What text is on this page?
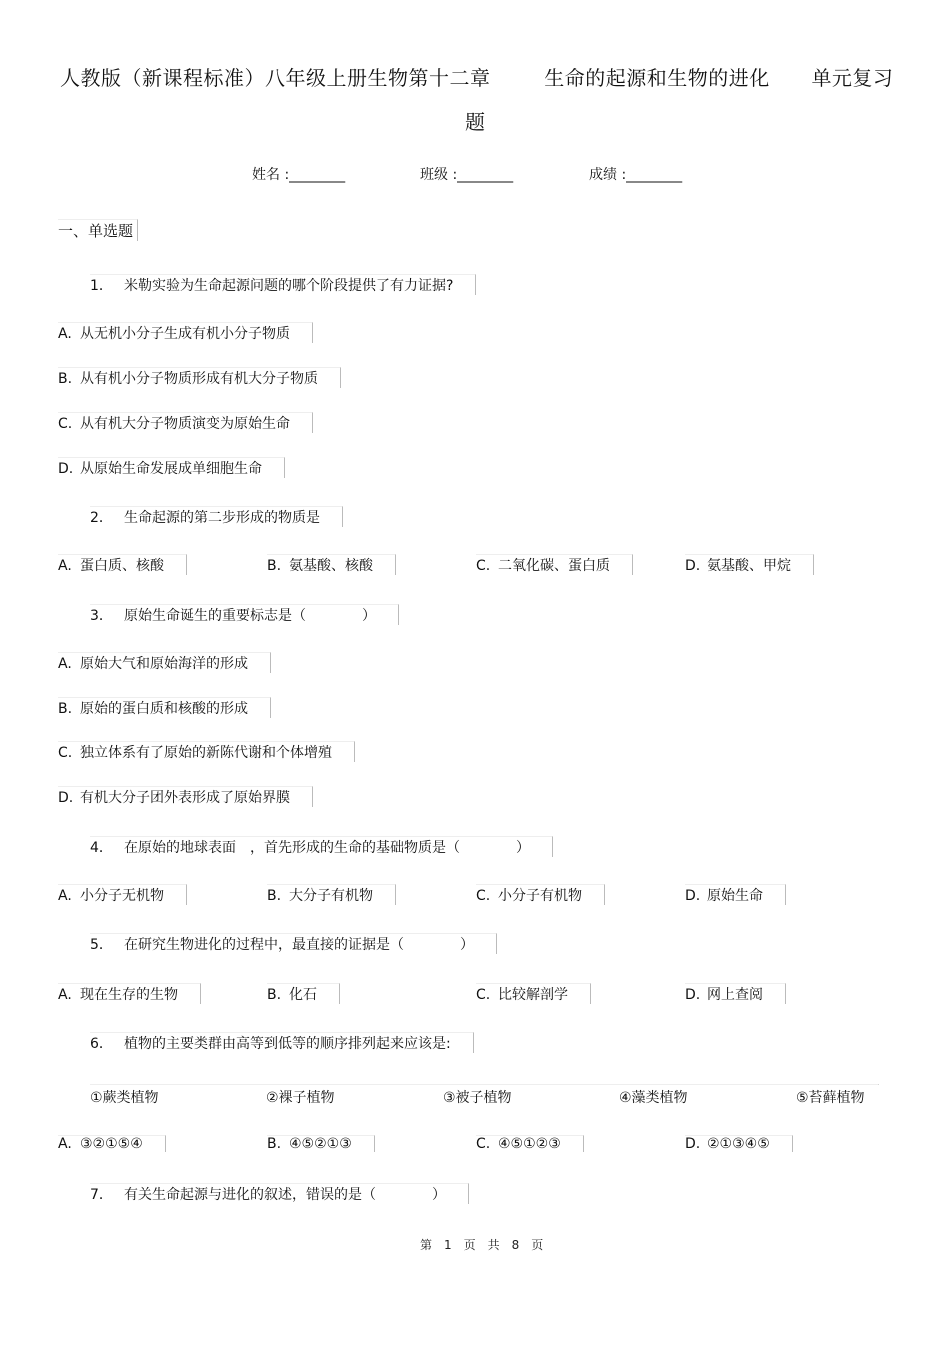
人教版（新课程标准）八年级上册生物第十二章	生命的起源和生物的进化 单元复习
题
姓名 :________	班级 :________	成绩 :________
一、单选题
1． 米勒实验为生命起源问题的哪个阶段提供了有力证据?
A. 从无机小分子生成有机小分子物质
B. 从有机小分子物质形成有机大分子物质
C. 从有机大分子物质演变为原始生命
D. 从原始生命发展成单细胞生命
2． 生命起源的第二步形成的物质是
A. 蛋白质、核酸	B. 氨基酸、核酸	C. 二氧化碳、蛋白质	D. 氨基酸、甲烷
3． 原始生命诞生的重要标志是（　　　　）
A. 原始大气和原始海洋的形成
B. 原始的蛋白质和核酸的形成
C. 独立体系有了原始的新陈代谢和个体增殖
D. 有机大分子团外表形成了原始界膜
4． 在原始的地球表面　，首先形成的生命的基础物质是（　　　　）
A. 小分子无机物	B. 大分子有机物	C. 小分子有机物	D. 原始生命
5． 在研究生物进化的过程中，最直接的证据是（　　　　）
A. 现在生存的生物	B. 化石	C. 比较解剖学	D. 网上查阅
6． 植物的主要类群由高等到低等的顺序排列起来应该是:
①蕨类植物	②裸子植物	③被子植物	④藻类植物	⑤苔藓植物
A. ③②①⑤④	B. ④⑤②①③	C. ④⑤①②③	D. ②①③④⑤
7． 有关生命起源与进化的叙述，错误的是（　　　　）
第　1　页　共　8　页
